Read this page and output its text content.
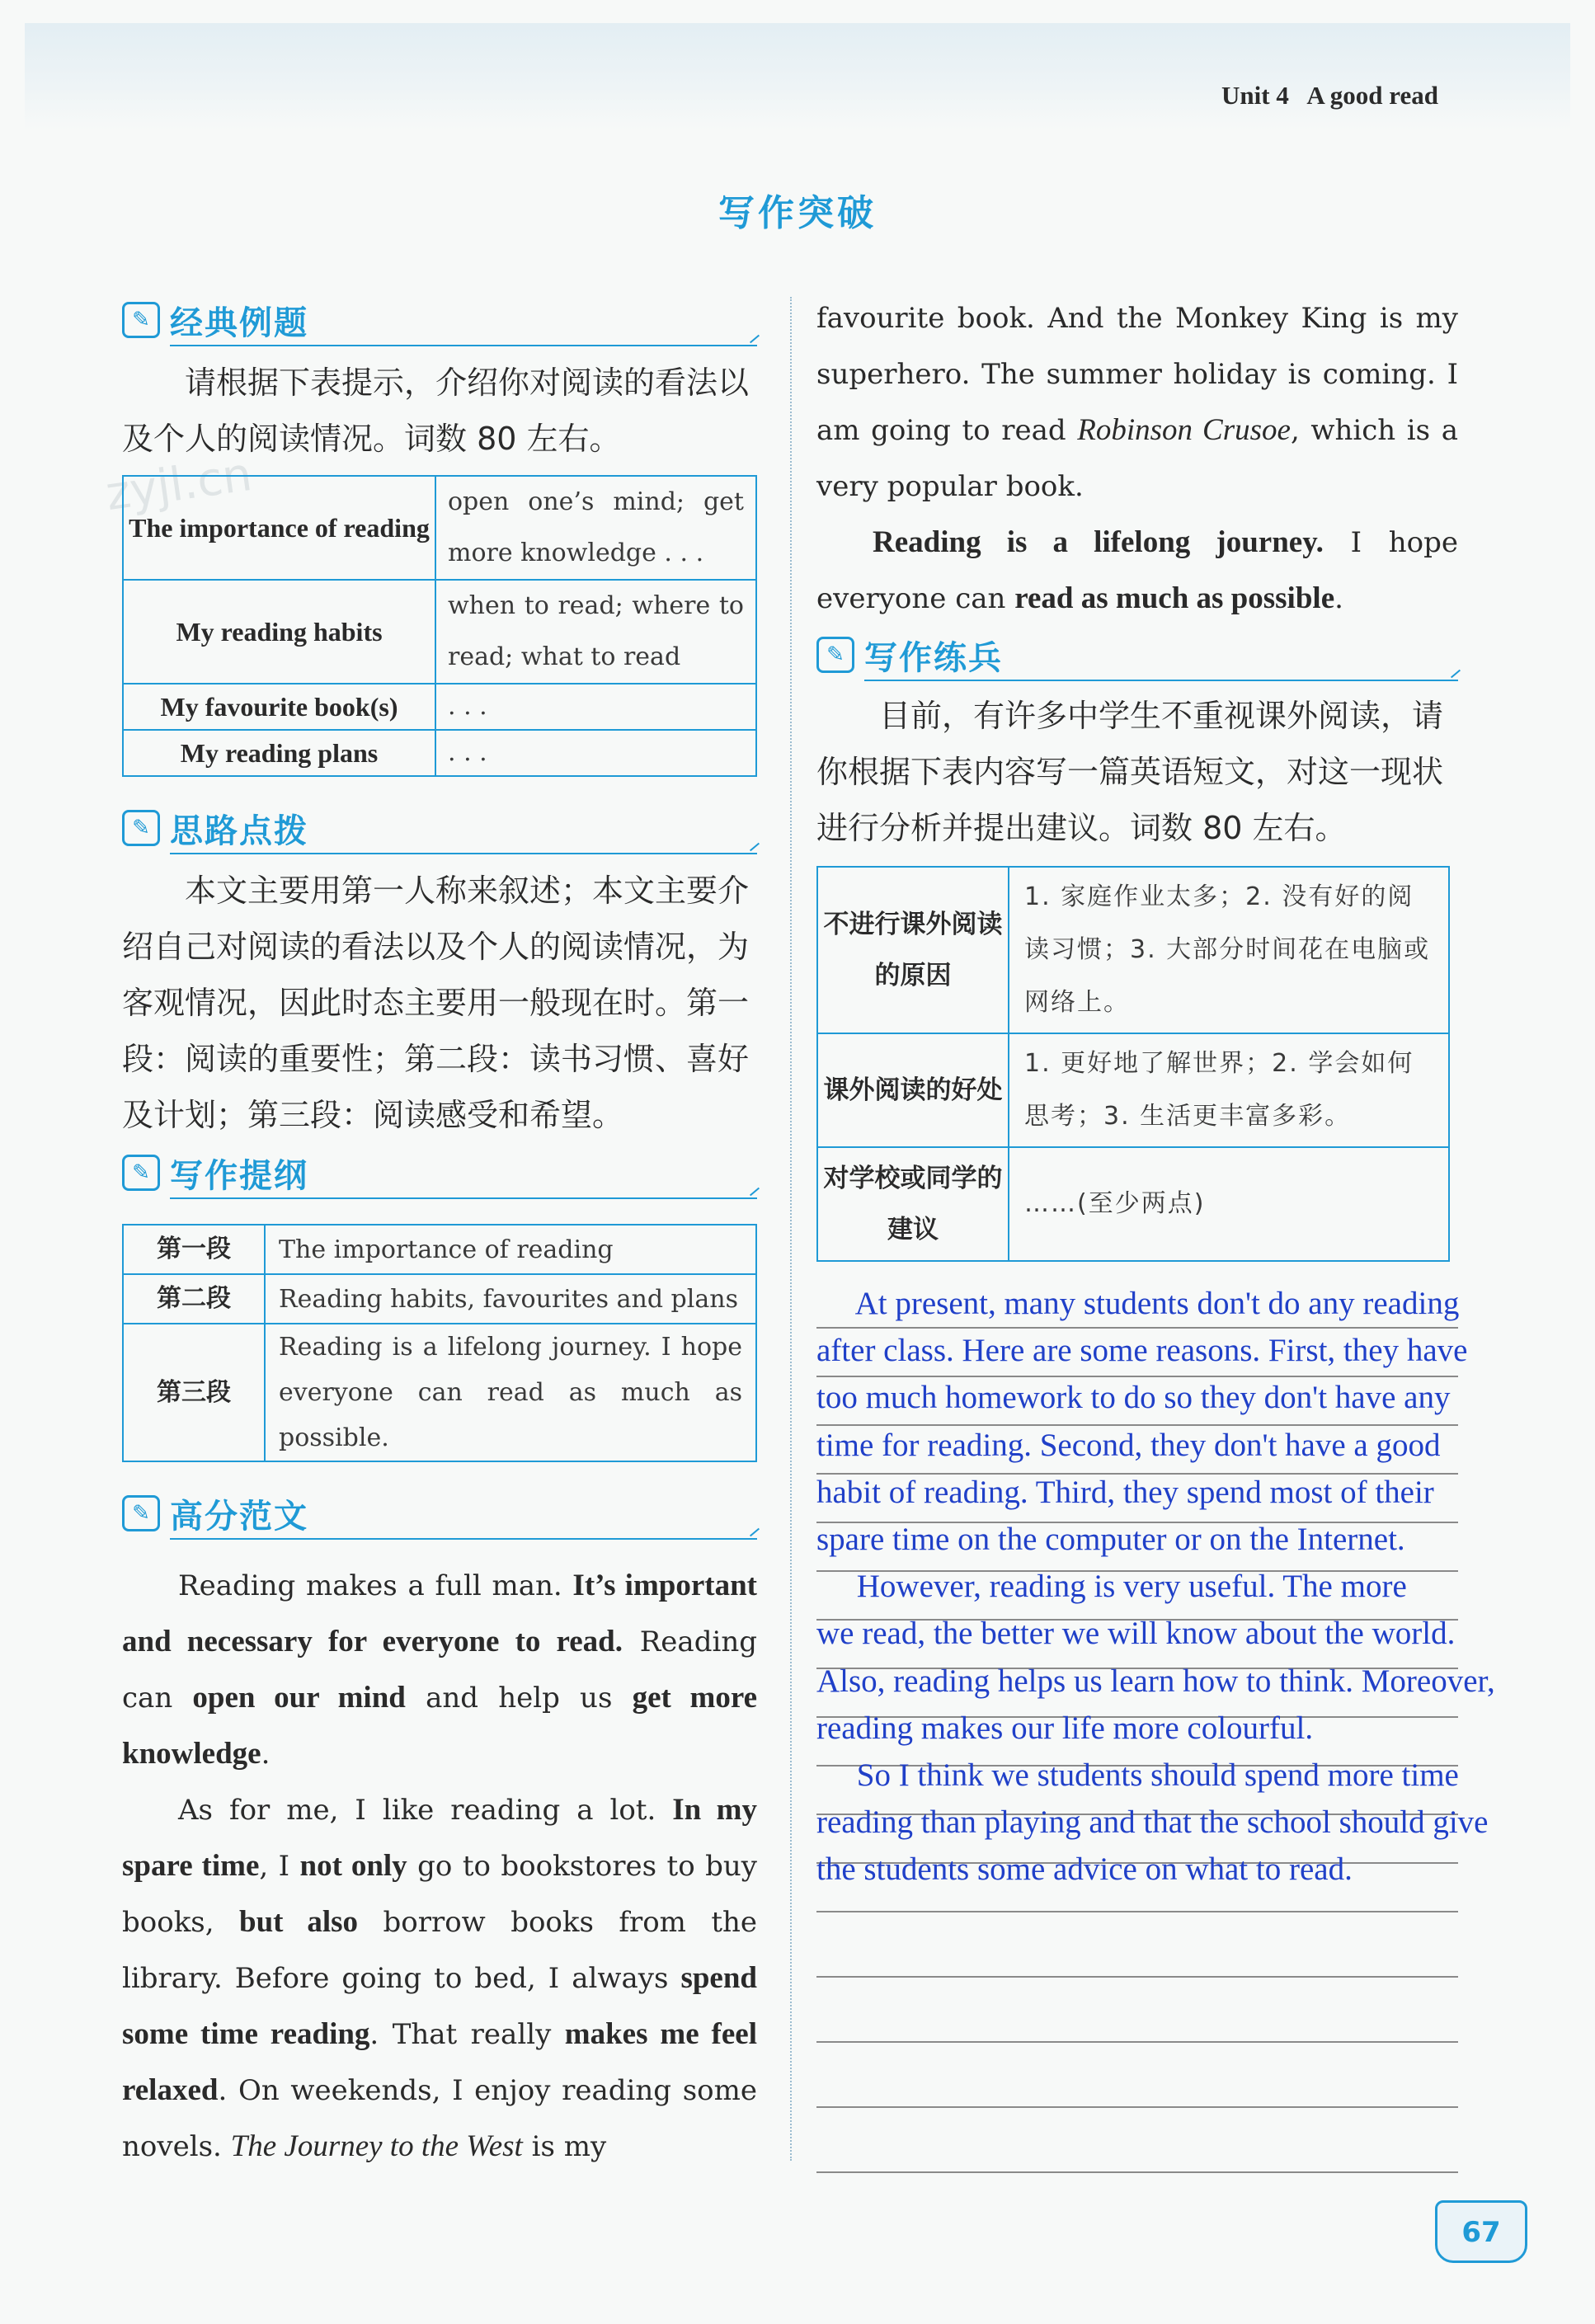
Unit 4 A good read
写作突破
zyjl.cn
✎ 经典例题

请根据下表提示，介绍你对阅读的看法以及个人的阅读情况。词数 80 左右。

The importance of reading	open one’s mind; get more knowledge . . .
My reading habits	when to read; where to read; what to read
My favourite book(s)	. . .
My reading plans	. . .
✎ 思路点拨

本文主要用第一人称来叙述；本文主要介绍自己对阅读的看法以及个人的阅读情况，为客观情况，因此时态主要用一般现在时。第一段：阅读的重要性；第二段：读书习惯、喜好及计划；第三段：阅读感受和希望。

✎ 写作提纲
第一段	The importance of reading
第二段	Reading habits, favourites and plans
第三段	Reading is a lifelong journey. I hope everyone can read as much as possible.
✎ 高分范文

Reading makes a full man. It’s important and necessary for everyone to read. Reading can open our mind and help us get more knowledge.

As for me, I like reading a lot. In my spare time, I not only go to bookstores to buy books, but also borrow books from the library. Before going to bed, I always spend some time reading. That really makes me feel relaxed. On weekends, I enjoy reading some novels. The Journey to the West is my

favourite book. And the Monkey King is my superhero. The summer holiday is coming. I am going to read Robinson Crusoe, which is a very popular book.

Reading is a lifelong journey. I hope everyone can read as much as possible.

✎ 写作练兵

目前，有许多中学生不重视课外阅读，请你根据下表内容写一篇英语短文，对这一现状进行分析并提出建议。词数 80 左右。

不进行课外阅读的原因	1. 家庭作业太多；2. 没有好的阅读习惯；3. 大部分时间花在电脑或网络上。
课外阅读的好处	1. 更好地了解世界；2. 学会如何思考；3. 生活更丰富多彩。
对学校或同学的建议	……(至少两点)
At present, many students don't do any reading
after class. Here are some reasons. First, they have
too much homework to do so they don't have any
time for reading. Second, they don't have a good
habit of reading. Third, they spend most of their
spare time on the computer or on the Internet.
However, reading is very useful. The more
we read, the better we will know about the world.
Also, reading helps us learn how to think. Moreover,
reading makes our life more colourful.
So I think we students should spend more time
reading than playing and that the school should give
the students some advice on what to read.
67
